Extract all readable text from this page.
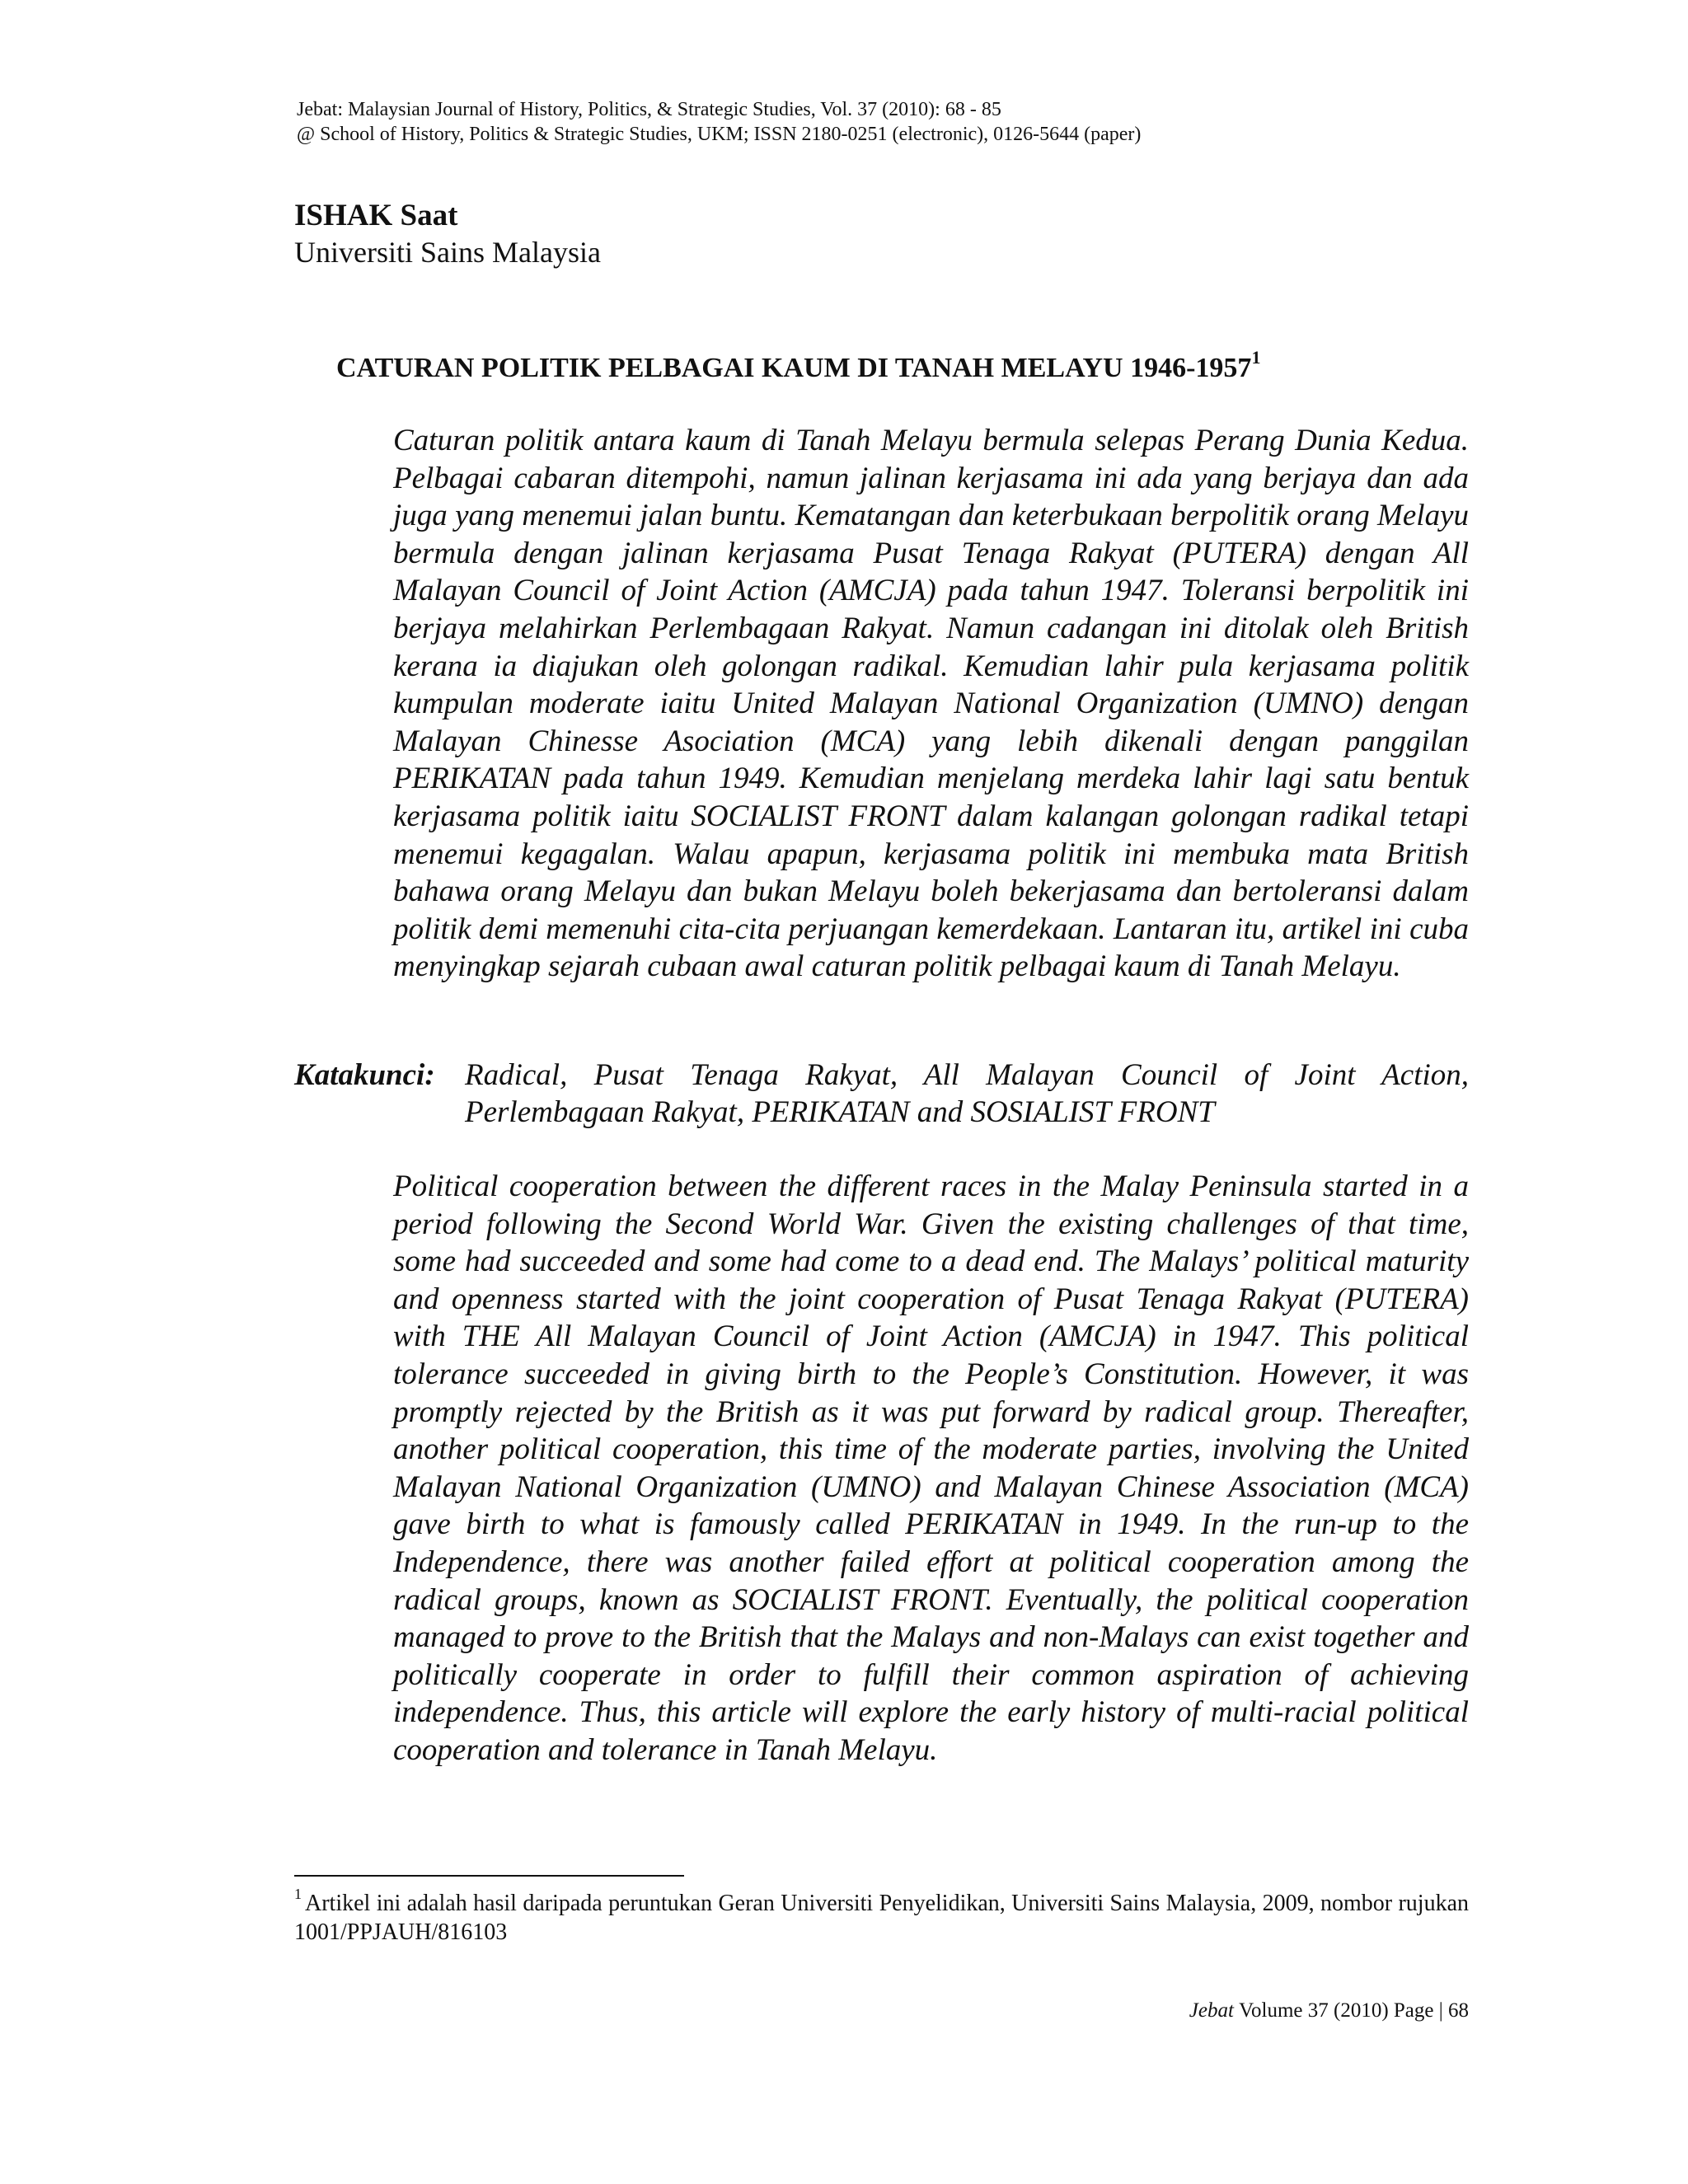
Jebat: Malaysian Journal of History, Politics, & Strategic Studies, Vol. 37 (2010): 68 - 85
@ School of History, Politics & Strategic Studies, UKM; ISSN 2180-0251 (electronic), 0126-5644 (paper)
ISHAK Saat
Universiti Sains Malaysia
CATURAN POLITIK PELBAGAI KAUM DI TANAH MELAYU 1946-1957$^1$

Caturan politik antara kaum di Tanah Melayu bermula selepas Perang Dunia Kedua. Pelbagai cabaran ditempohi, namun jalinan kerjasama ini ada yang berjaya dan ada juga yang menemui jalan buntu. Kematangan dan keterbukaan berpolitik orang Melayu bermula dengan jalinan kerjasama Pusat Tenaga Rakyat (PUTERA) dengan All Malayan Council of Joint Action (AMCJA) pada tahun 1947. Toleransi berpolitik ini berjaya melahirkan Perlembagaan Rakyat. Namun cadangan ini ditolak oleh British kerana ia diajukan oleh golongan radikal. Kemudian lahir pula kerjasama politik kumpulan moderate iaitu United Malayan National Organization (UMNO) dengan Malayan Chinesse Asociation (MCA) yang lebih dikenali dengan panggilan PERIKATAN pada tahun 1949. Kemudian menjelang merdeka lahir lagi satu bentuk kerjasama politik iaitu SOCIALIST FRONT dalam kalangan golongan radikal tetapi menemui kegagalan. Walau apapun, kerjasama politik ini membuka mata British bahawa orang Melayu dan bukan Melayu boleh bekerjasama dan bertoleransi dalam politik demi memenuhi cita-cita perjuangan kemerdekaan. Lantaran itu, artikel ini cuba menyingkap sejarah cubaan awal caturan politik pelbagai kaum di Tanah Melayu.

Katakunci: Radical, Pusat Tenaga Rakyat, All Malayan Council of Joint Action, Perlembagaan Rakyat, PERIKATAN and SOSIALIST FRONT

Political cooperation between the different races in the Malay Peninsula started in a period following the Second World War. Given the existing challenges of that time, some had succeeded and some had come to a dead end. The Malays’ political maturity and openness started with the joint cooperation of Pusat Tenaga Rakyat (PUTERA) with THE All Malayan Council of Joint Action (AMCJA) in 1947. This political tolerance succeeded in giving birth to the People’s Constitution. However, it was promptly rejected by the British as it was put forward by radical group. Thereafter, another political cooperation, this time of the moderate parties, involving the United Malayan National Organization (UMNO) and Malayan Chinese Association (MCA) gave birth to what is famously called PERIKATAN in 1949. In the run-up to the Independence, there was another failed effort at political cooperation among the radical groups, known as SOCIALIST FRONT. Eventually, the political cooperation managed to prove to the British that the Malays and non-Malays can exist together and politically cooperate in order to fulfill their common aspiration of achieving independence. Thus, this article will explore the early history of multi-racial political cooperation and tolerance in Tanah Melayu.

$^1$ Artikel ini adalah hasil daripada peruntukan Geran Universiti Penyelidikan, Universiti Sains Malaysia, 2009, nombor rujukan 1001/PPJAUH/816103
Jebat Volume 37 (2010) Page | 68
